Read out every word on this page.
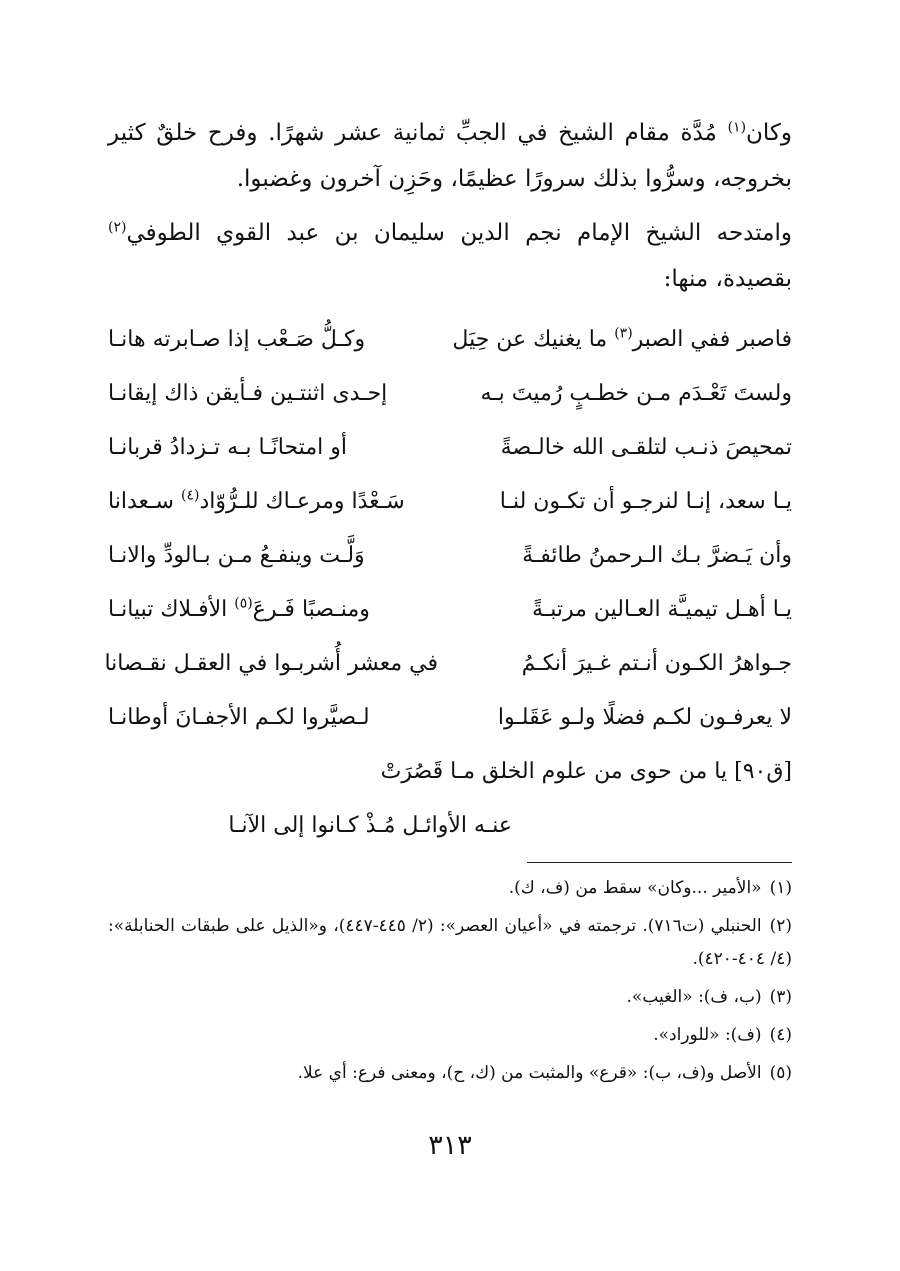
وكان$^{(١)}$ مُدَّة مقام الشيخ في الجبِّ ثمانية عشر شهرًا. وفرح خلقٌ كثير بخروجه، وسرُّوا بذلك سرورًا عظيمًا، وحَزِن آخرون وغضبوا.

وامتدحه الشيخ الإمام نجم الدين سليمان بن عبد القوي الطوفي$^{(٢)}$ بقصيدة، منها:

فاصبر ففي الصبر$^{(٣)}$ ما يغنيك عن حِيَل
وكـلُّ صَـعْب إذا صـابرته هانـا
ولستَ تَعْـدَم مـن خطـبٍ رُميتَ بـه
إحـدى اثنتـين فـأيقن ذاك إيقانـا
تمحيصَ ذنـب لتلقـى الله خالـصةً
أو امتحانًـا بـه تـزدادُ قربانـا
يـا سعد، إنـا لنرجـو أن تكـون لنـا
سَـعْدًا ومرعـاك للـرُّوّاد$^{(٤)}$ سـعدانا
وأن يَـضرَّ بـك الـرحمنُ طائفـةً
وَلَّـت وينفـعُ مـن بـالودِّ والانـا
يـا أهـل تيميـَّة العـالين مرتبـةً
ومنـصبًا فَـرعَ$^{(٥)}$ الأفـلاك تبيانـا
جـواهرُ الكـون أنـتم غـيرَ أنكـمُ
في معشر أُشربـوا في العقـل نقـصانا
لا يعرفـون لكـم فضلًا ولـو عَقَلـوا
لـصيَّروا لكـم الأجفـانَ أوطانـا
[ق٩٠] يا من حوى من علوم الخلق مـا قَصُرَتْ
عنـه الأوائـل مُـذْ كـانوا إلى الآنـا

(١)«الأمير ...وكان» سقط من (ف، ك).

(٢)الحنبلي (ت٧١٦). ترجمته في «أعيان العصر»: (٢/ ٤٤٥-٤٤٧)، و«الذيل على طبقات الحنابلة»: (٤/ ٤٠٤-٤٢٠).

(٣)(ب، ف): «الغيب».

(٤)(ف): «للوراد».

(٥)الأصل و(ف، ب): «قرع» والمثبت من (ك، ح)، ومعنى فرع: أي علا.

٣١٣
